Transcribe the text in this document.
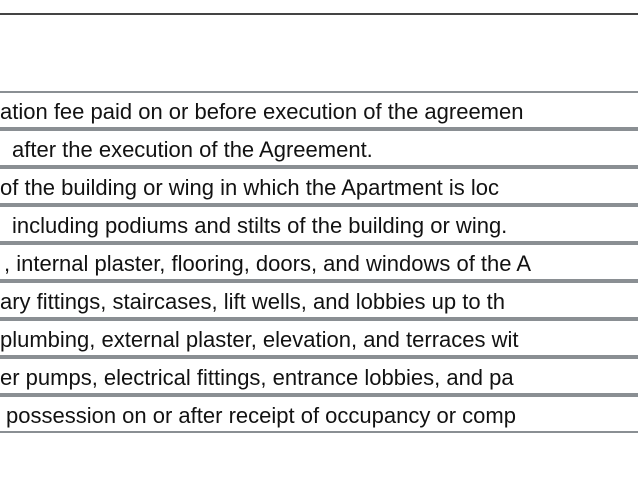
ation fee paid on or before execution of the agreemen
after the execution of the Agreement.
of the building or wing in which the Apartment is loc
including podiums and stilts of the building or wing.
, internal plaster, flooring, doors, and windows of the A
ary fittings, staircases, lift wells, and lobbies up to th
plumbing, external plaster, elevation, and terraces wit
er pumps, electrical fittings, entrance lobbies, and pa
possession on or after receipt of occupancy or comp
